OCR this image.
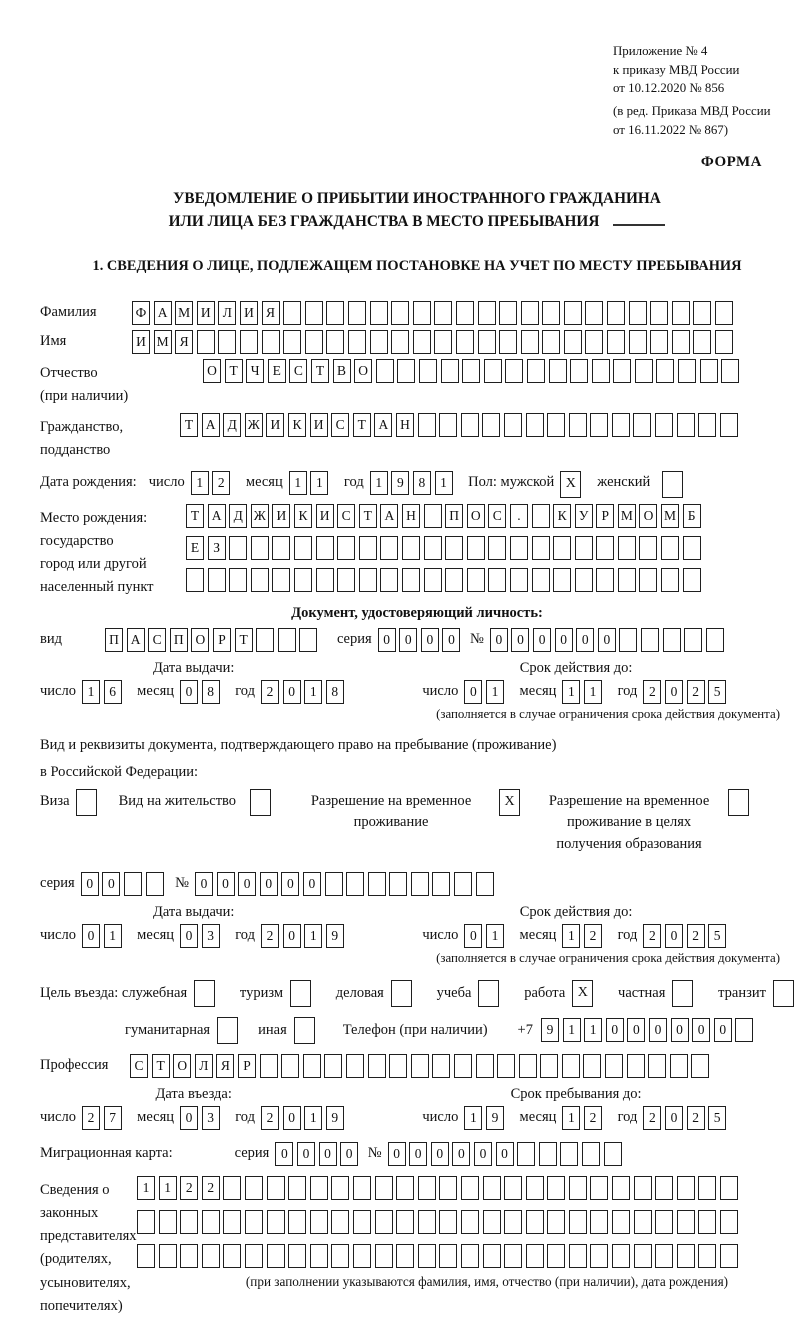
Приложение № 4
к приказу МВД России
от 10.12.2020 № 856
(в ред. Приказа МВД России
от 16.11.2022 № 867)
ФОРМА
УВЕДОМЛЕНИЕ О ПРИБЫТИИ ИНОСТРАННОГО ГРАЖДАНИНА
ИЛИ ЛИЦА БЕЗ ГРАЖДАНСТВА В МЕСТО ПРЕБЫВАНИЯ
1. СВЕДЕНИЯ О ЛИЦЕ, ПОДЛЕЖАЩЕМ ПОСТАНОВКЕ НА УЧЕТ ПО МЕСТУ ПРЕБЫВАНИЯ
Фамилия	Ф А М И Л И Я
Имя	И М Я
Отчество
(при наличии)
О Т Ч Е С Т В О
Гражданство,
подданство
Т А Д Ж И К И С Т А Н
Дата рождения: число 1	2	месяц 1	1	год 1	9	8	1	Пол: мужской X	женский
Место рождения:
государство
город или другой
населенный пункт
Т А Д Ж И К И С Т А Н	П О С	.	К У Р М О М Б
Е	З
Документ, удостоверяющий личность:
вид	П А С П О Р	Т	серия 0	0	0	0	№ 0	0	0	0	0	0
Дата выдачи:
число 1	6	месяц 0	8	год 2	0	1	8
Срок действия до:
число 0	1	месяц 1	1	год 2	0	2	5
(заполняется в случае ограничения срока действия документа)
Вид и реквизиты документа, подтверждающего право на пребывание (проживание)
в Российской Федерации:
Виза	Вид на жительство	Разрешение на временное проживание
X	Разрешение на временное проживание в целях получения образования
серия 0	0	№ 0	0	0	0	0	0
Дата выдачи:
число 0	1	месяц 0	3	год 2	0	1	9
Срок действия до:
число 0	1	месяц 1	2	год 2	0	2	5
(заполняется в случае ограничения срока действия документа)
Цель въезда: служебная	туризм	деловая	учеба	работа X	частная	транзит
гуманитарная	иная	Телефон (при наличии) +7	9	1	1	0	0	0	0	0	0
Профессия	С Т О Л Я Р
Дата въезда:
число 2	7	месяц 0	3	год 2	0	1	9
Срок пребывания до:
число 1	9	месяц 1	2	год 2	0	2	5
Миграционная карта:	серия 0	0	0	0	№ 0	0	0	0	0	0
Сведения о
законных
представителях
(родителях,
усыновителях,
попечителях)
1	1	2	2
(при заполнении указываются фамилия, имя, отчество (при наличии), дата рождения)
